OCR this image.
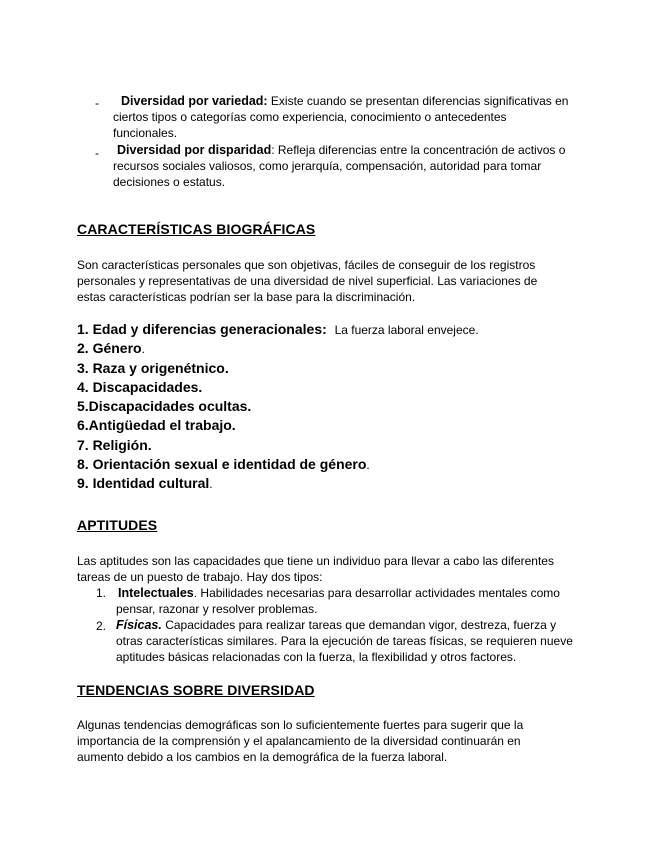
-	Diversidad por variedad: Existe cuando se presentan diferencias significativas en ciertos tipos o categorías como experiencia, conocimiento o antecedentes funcionales.
-	Diversidad por disparidad: Refleja diferencias entre la concentración de activos o recursos sociales valiosos, como jerarquía, compensación, autoridad para tomar decisiones o estatus.
CARACTERÍSTICAS BIOGRÁFICAS
Son características personales que son objetivas, fáciles de conseguir de los registros personales y representativas de una diversidad de nivel superficial. Las variaciones de estas características podrían ser la base para la discriminación.
1. Edad y diferencias generacionales: La fuerza laboral envejece.
2. Género.
3. Raza y origenétnico.
4. Discapacidades.
5.Discapacidades ocultas.
6.Antigüedad el trabajo.
7. Religión.
8. Orientación sexual e identidad de género.
9. Identidad cultural.
APTITUDES
Las aptitudes son las capacidades que tiene un individuo para llevar a cabo las diferentes tareas de un puesto de trabajo. Hay dos tipos:
1. Intelectuales. Habilidades necesarias para desarrollar actividades mentales como pensar, razonar y resolver problemas.
2. Físicas. Capacidades para realizar tareas que demandan vigor, destreza, fuerza y otras características similares. Para la ejecución de tareas físicas, se requieren nueve aptitudes básicas relacionadas con la fuerza, la flexibilidad y otros factores.
TENDENCIAS SOBRE DIVERSIDAD
Algunas tendencias demográficas son lo suficientemente fuertes para sugerir que la importancia de la comprensión y el apalancamiento de la diversidad continuarán en aumento debido a los cambios en la demográfica de la fuerza laboral.
